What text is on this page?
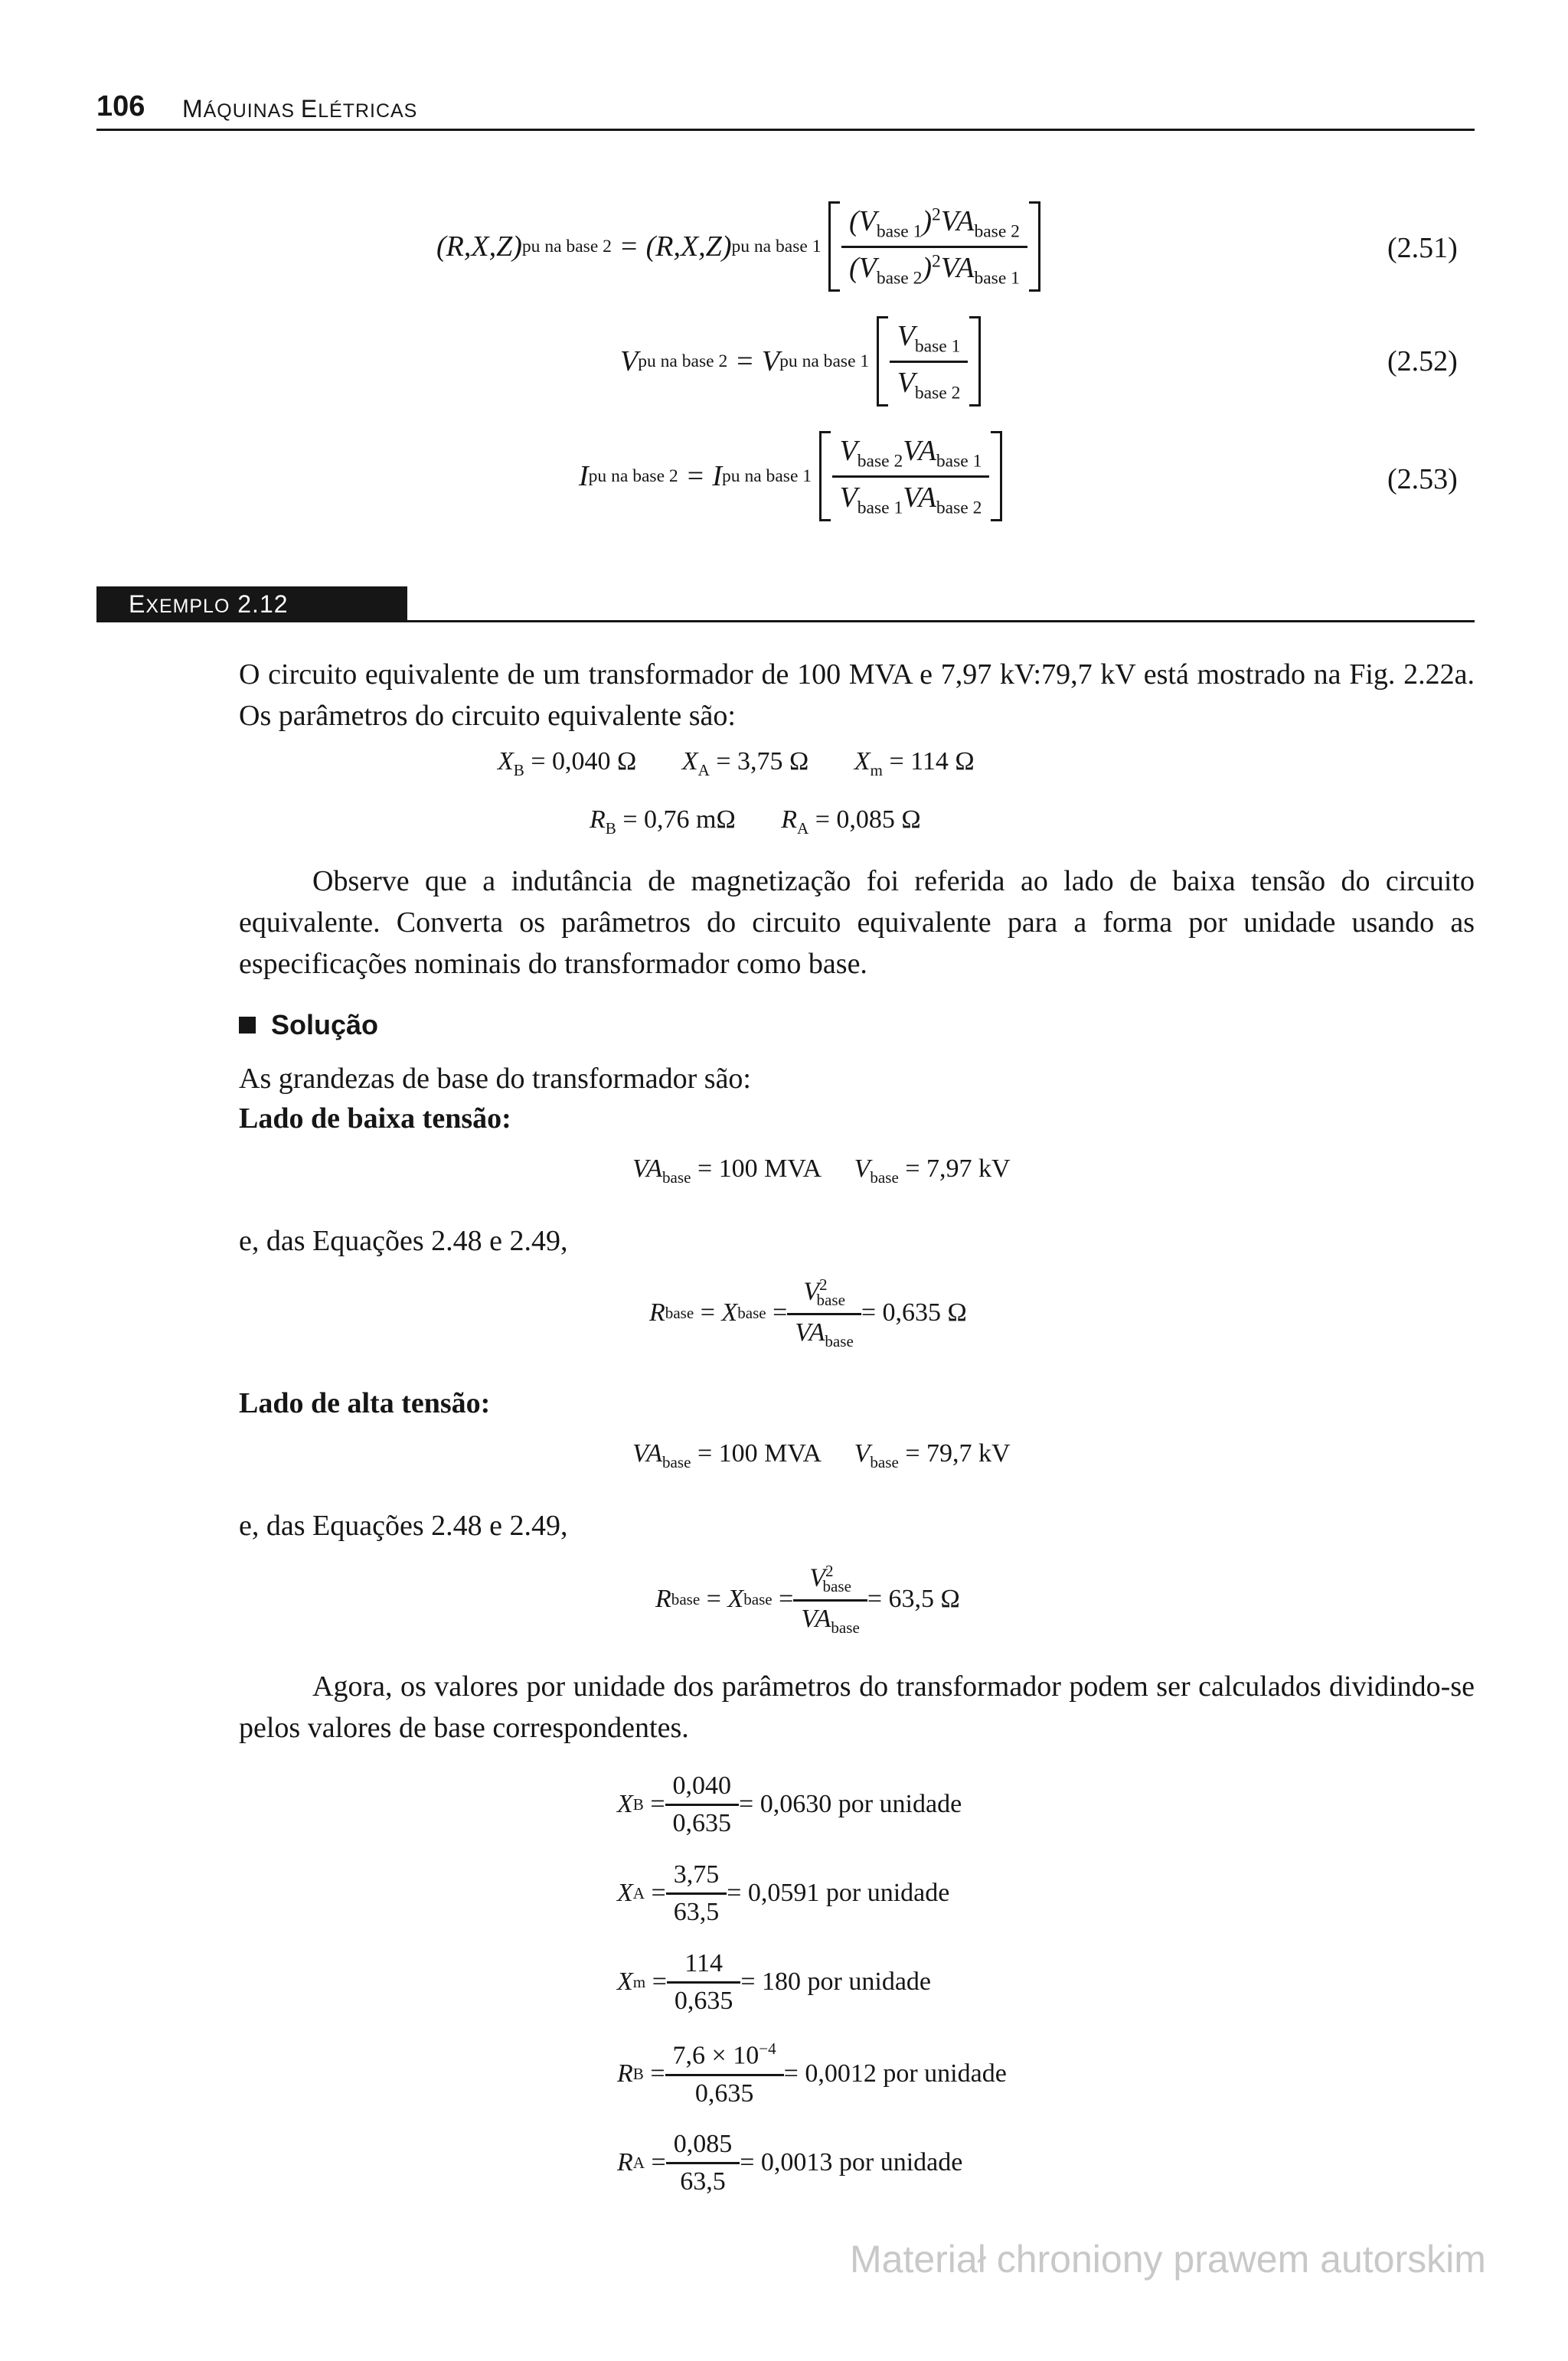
106 MÁQUINAS ELÉTRICAS
( R , X , Z ) pu na base 2 = ( R , X , Z ) pu na base 1
$\frac{(V_{base 1})^2VA_{base 2}}{(V_{base 2})^2VA_{base 1}}$	(2.51)
V pu na base 2 = V pu na base 1
$\frac{V_{base 1}}{V_{base 2}}$	(2.52)
I pu na base 2 = I pu na base 1
$\frac{V_{base 2}VA_{base 1}}{V_{base 1}VA_{base 2}}$	(2.53)
EXEMPLO 2.12

O circuito equivalente de um transformador de 100 MVA e 7,97 kV:79,7 kV está mostrado na Fig. 2.22a. Os parâmetros do circuito equivalente são:

$X_B = 0,040$ Ω $X_A = 3,75$ Ω $X_m = 114$ Ω
$R_B = 0,76$ mΩ $R_A = 0,085$ Ω

Observe que a indutância de magnetização foi referida ao lado de baixa tensão do circuito equivalente. Converta os parâmetros do circuito equivalente para a forma por unidade usando as especificações nominais do transformador como base.

Solução

As grandezas de base do transformador são:

Lado de baixa tensão:

$VA_{base} = 100$ MVA     $V_{base} = 7,97$ kV

e, das Equações 2.48 e 2.49,

R base
= X base
= $\frac{V^2_{base}}{VA_{base}} = 0,635$ Ω

Lado de alta tensão:

$VA_{base} = 100$ MVA     $V_{base} = 79,7$ kV

e, das Equações 2.48 e 2.49,

R base
= X base
= $\frac{V^2_{base}}{VA_{base}} = 63,5$ Ω

Agora, os valores por unidade dos parâmetros do transformador podem ser calculados dividindo-se pelos valores de base correspondentes.

X B
= $\frac{0,040}{0,635} = 0,0630$ por unidade
X A
= $\frac{3,75}{63,5} = 0,0591$ por unidade
X m
= $\frac{114}{0,635} = 180$ por unidade
R B
= $\frac{7,6 \times 10^{-4}}{0,635} = 0,0012$ por unidade
R A
= $\frac{0,085}{63,5} = 0,0013$ por unidade
Materiał chroniony prawem autorskim
